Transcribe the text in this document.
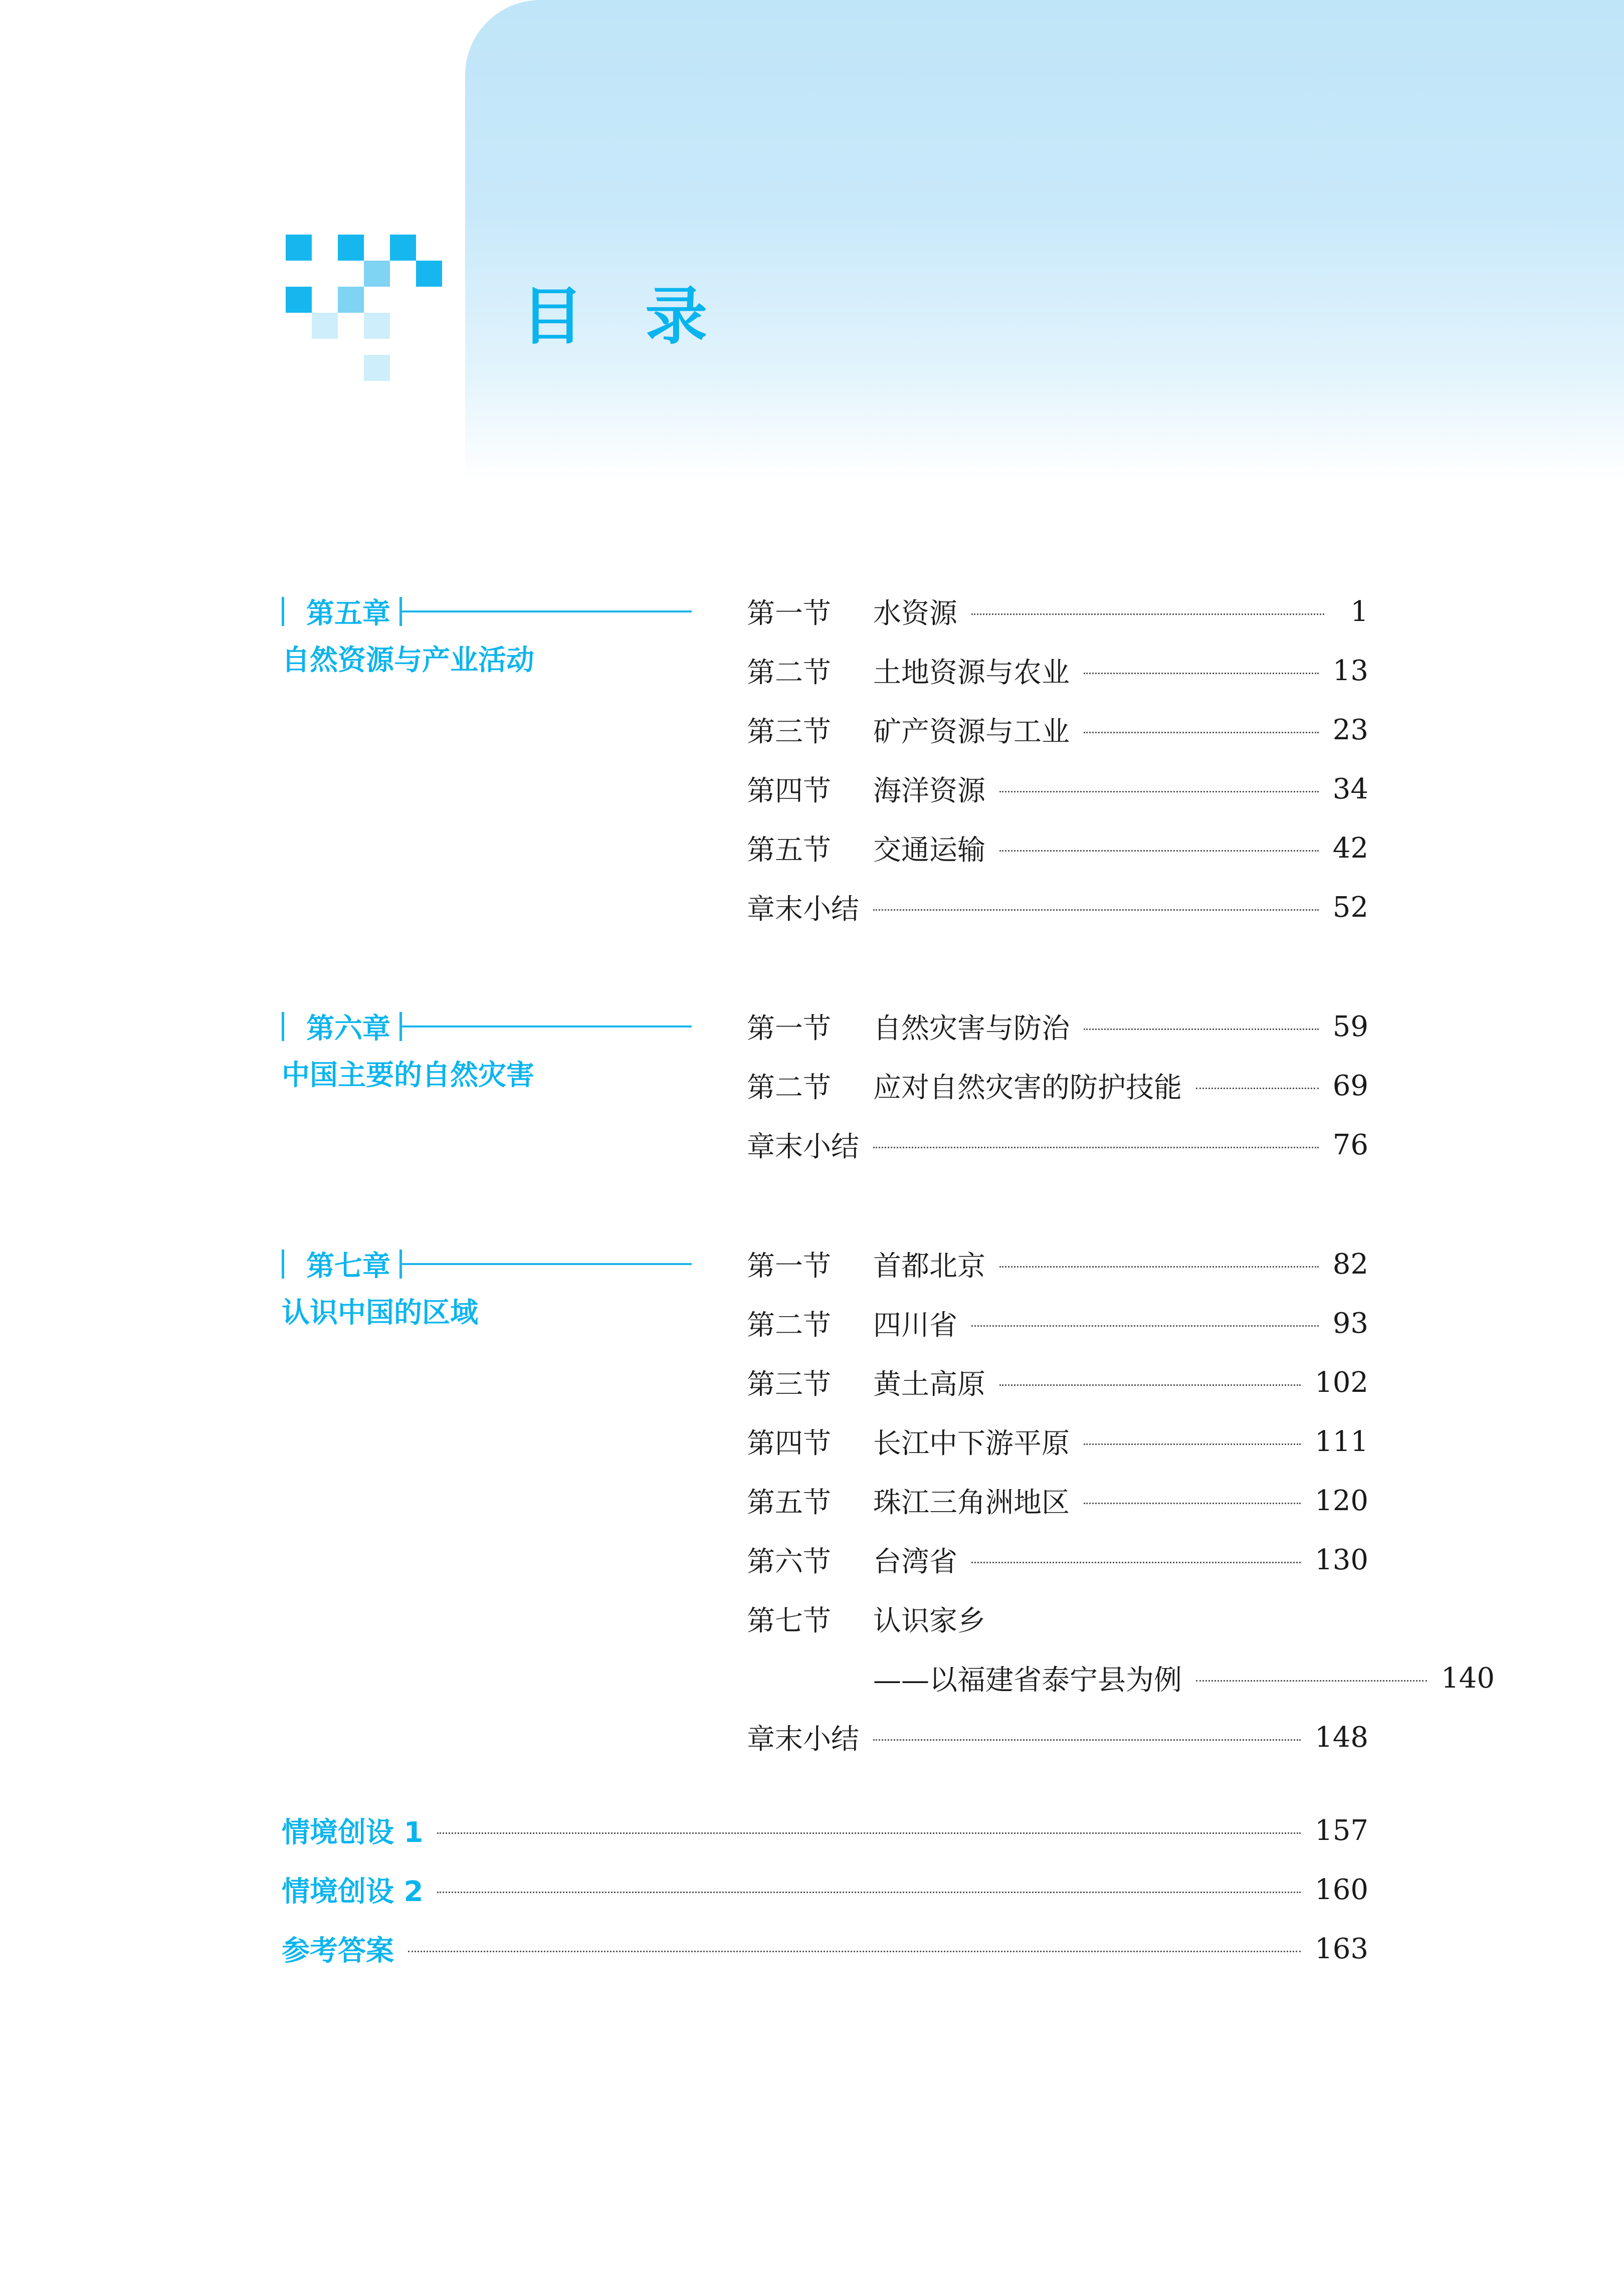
目 录
第五章
自然资源与产业活动
第一节	水资源	1
第二节	土地资源与农业	13
第三节	矿产资源与工业	23
第四节	海洋资源	34
第五节	交通运输	42
章末小结	52
第六章
中国主要的自然灾害
第一节	自然灾害与防治	59
第二节	应对自然灾害的防护技能	69
章末小结	76
第七章
认识中国的区域
第一节	首都北京	82
第二节	四川省	93
第三节	黄土高原	102
第四节	长江中下游平原	111
第五节	珠江三角洲地区	120
第六节	台湾省	130
第七节	认识家乡
——以福建省泰宁县为例	140
章末小结	148
情境创设 1	157
情境创设 2	160
参考答案	163
